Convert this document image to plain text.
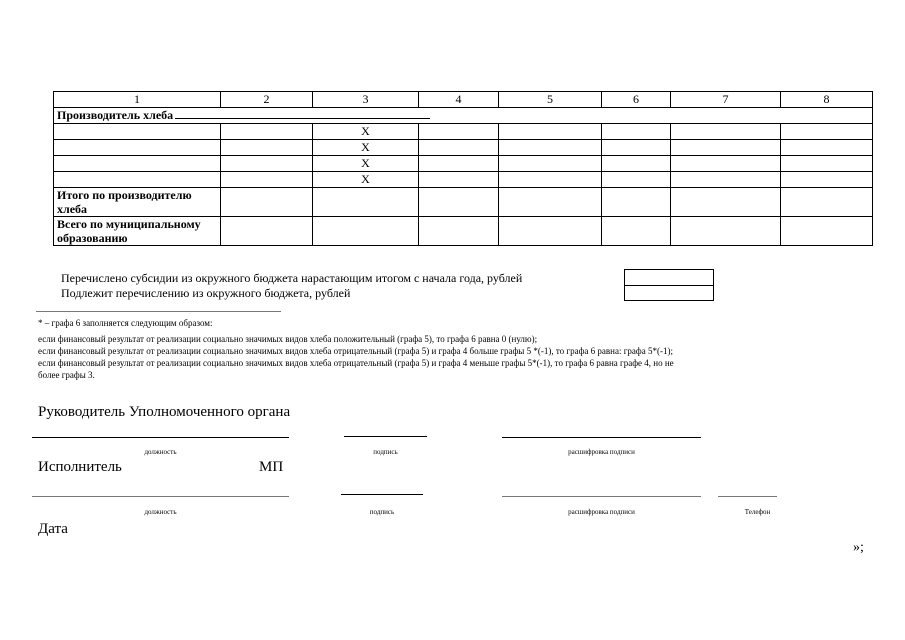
1	2	3	4	5	6	7	8
Производитель хлеба							
		Х					
		Х					
		Х					
		Х					
Итого по производителю хлеба							
Всего по муниципальному образованию							
Перечислено субсидии из окружного бюджета нарастающим итогом с начала года, рублей
Подлежит перечислению из окружного бюджета, рублей
* – графа 6 заполняется следующим образом:
если финансовый результат от реализации социально значимых видов хлеба положительный (графа 5), то графа 6 равна 0 (нулю);
если финансовый результат от реализации социально значимых видов хлеба отрицательный (графа 5) и графа 4 больше графы 5 *(-1), то графа 6 равна: графа 5*(-1);
если финансовый результат от реализации социально значимых видов хлеба отрицательный (графа 5) и графа 4 меньше графы 5*(-1), то графа 6 равна графе 4, но не
более графы 3.
Руководитель Уполномоченного органа
должность	подпись	расшифровка подписи
Исполнитель	МП
должность	подпись	расшифровка подписи	Телефон
Дата
»;
